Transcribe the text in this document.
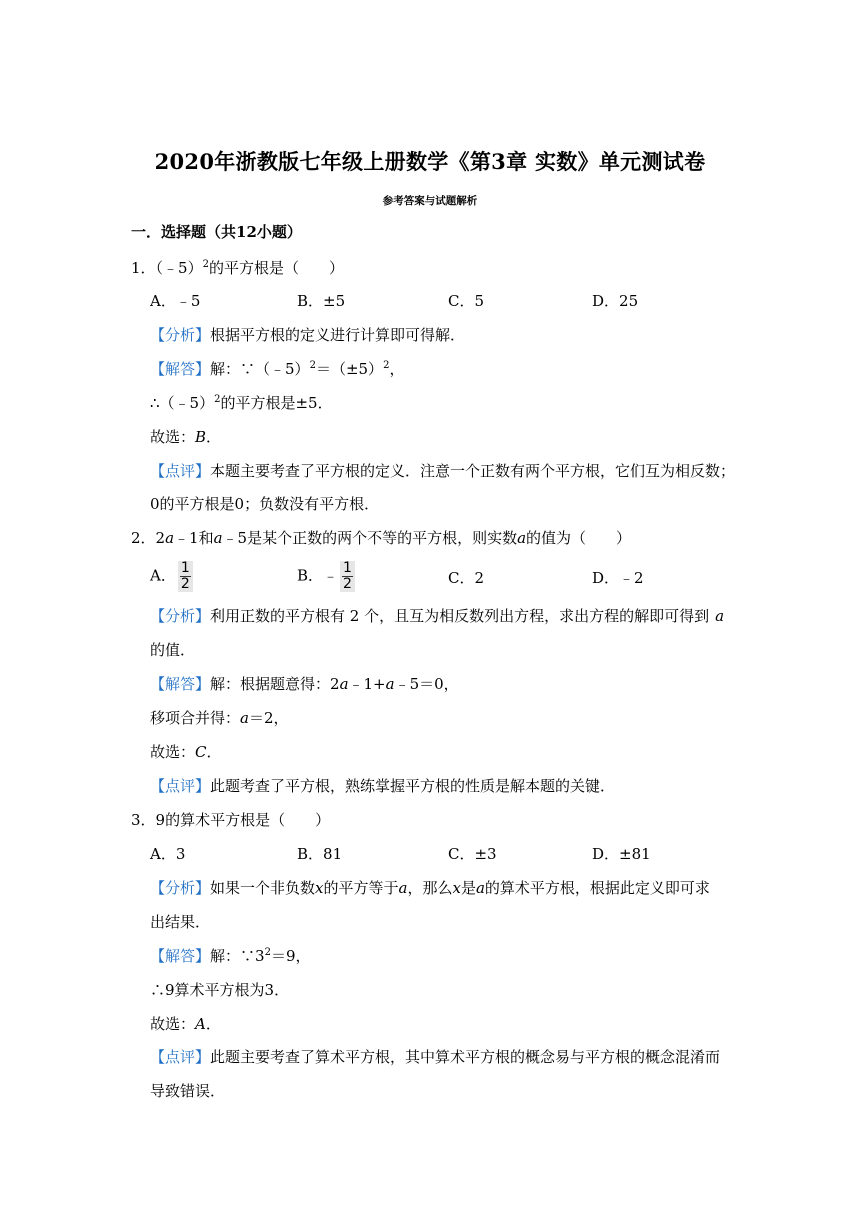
2020年浙教版七年级上册数学《第3章 实数》单元测试卷
参考答案与试题解析
一．选择题（共12小题）
1．（﹣5）$^2$的平方根是（　　）
A．﹣5	B．±5	C．5	D．25
【分析】根据平方根的定义进行计算即可得解．
【解答】解：$\because(﹣5)^2=(\pm 5)^2$，
∴（﹣5）$^2$的平方根是±5．
故选：B．
【点评】本题主要考查了平方根的定义．注意一个正数有两个平方根，它们互为相反数；
0的平方根是0；负数没有平方根．
2．2a﹣1和a﹣5是某个正数的两个不等的平方根，则实数a的值为（　　）
A． $\frac{1}{2}$	B．﹣ $\frac{1}{2}$	C．2	D．﹣2
【分析】利用正数的平方根有 2 个，且互为相反数列出方程，求出方程的解即可得到 a
的值．
【解答】解：根据题意得：2a﹣1+a﹣5＝0，
移项合并得：a＝2，
故选：C．
【点评】此题考查了平方根，熟练掌握平方根的性质是解本题的关键．
3．9的算术平方根是（　　）
A．3	B．81	C．±3	D．±81
【分析】如果一个非负数x的平方等于a，那么x是a的算术平方根，根据此定义即可求
出结果．
【解答】解：$\because 3^2=9$，
∴9算术平方根为3．
故选：A．
【点评】此题主要考查了算术平方根，其中算术平方根的概念易与平方根的概念混淆而
导致错误．
